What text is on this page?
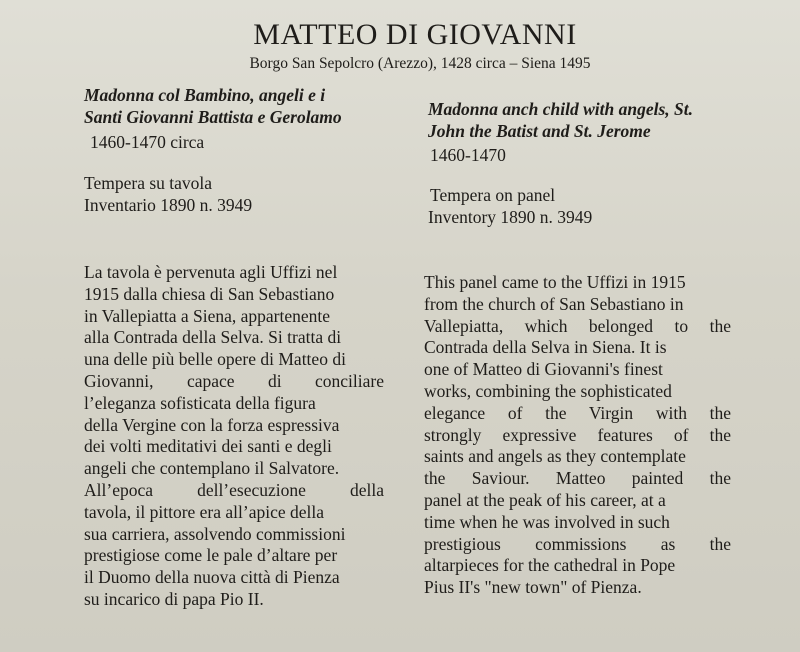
MATTEO DI GIOVANNI
Borgo San Sepolcro (Arezzo), 1428 circa – Siena 1495
Madonna col Bambino, angeli e i
Santi Giovanni Battista e Gerolamo
1460-1470 circa
Tempera su tavola
Inventario 1890 n. 3949
La tavola è pervenuta agli Uffizi nel
1915 dalla chiesa di San Sebastiano
in Vallepiatta a Siena, appartenente
alla Contrada della Selva. Si tratta di
una delle più belle opere di Matteo di
Giovanni, capace di conciliare
l’eleganza sofisticata della figura
della Vergine con la forza espressiva
dei volti meditativi dei santi e degli
angeli che contemplano il Salvatore.
All’epoca dell’esecuzione della
tavola, il pittore era all’apice della
sua carriera, assolvendo commissioni
prestigiose come le pale d’altare per
il Duomo della nuova città di Pienza
su incarico di papa Pio II.
Madonna anch child with angels, St.
John the Batist and St. Jerome
1460-1470
Tempera on panel
Inventory 1890 n. 3949
This panel came to the Uffizi in 1915
from the church of San Sebastiano in
Vallepiatta, which belonged to the
Contrada della Selva in Siena. It is
one of Matteo di Giovanni's finest
works, combining the sophisticated
elegance of the Virgin with the
strongly expressive features of the
saints and angels as they contemplate
the Saviour. Matteo painted the
panel at the peak of his career, at a
time when he was involved in such
prestigious commissions as the
altarpieces for the cathedral in Pope
Pius II's "new town" of Pienza.
